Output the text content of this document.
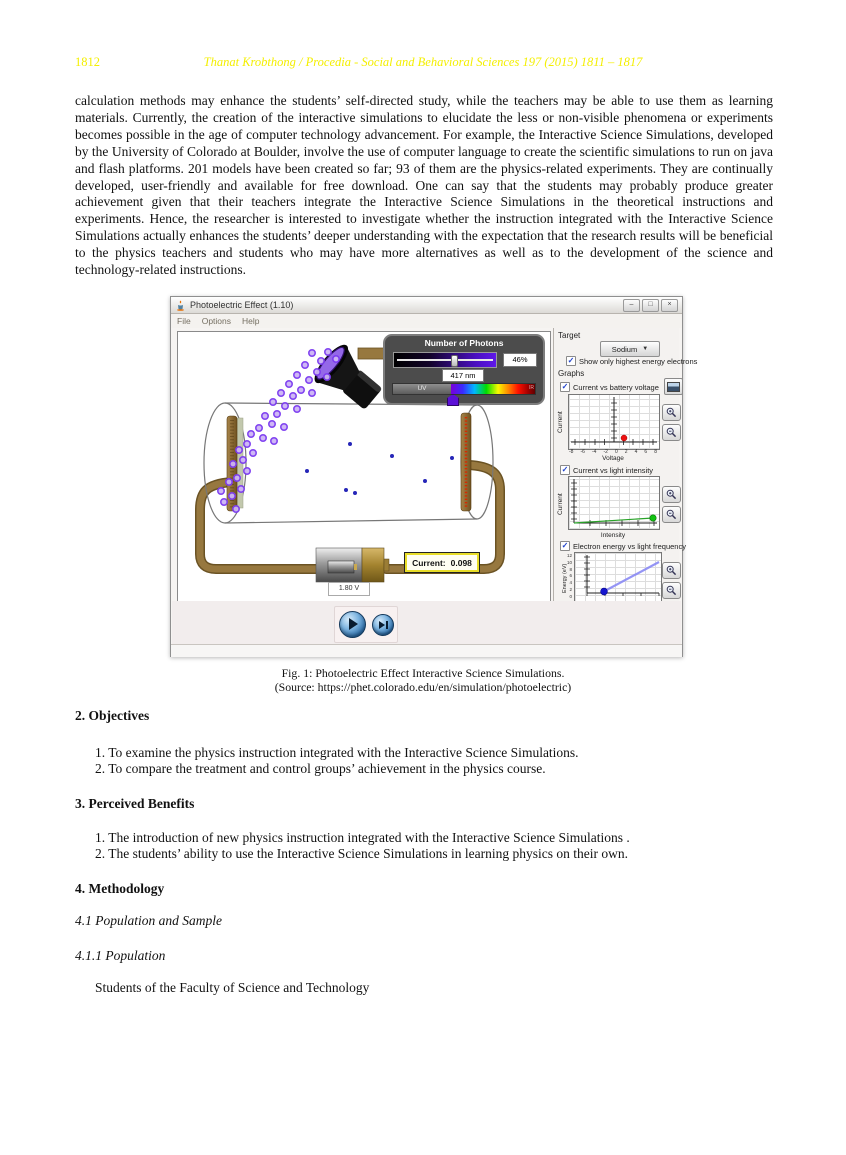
1812	Thanat Krobthong / Procedia - Social and Behavioral Sciences 197 (2015) 1811 – 1817
calculation methods may enhance the students’ self-directed study, while the teachers may be able to use them as learning materials. Currently, the creation of the interactive simulations to elucidate the less or non-visible phenomena or experiments becomes possible in the age of computer technology advancement. For example, the Interactive Science Simulations, developed by the University of Colorado at Boulder, involve the use of computer language to create the scientific simulations to run on java and flash platforms. 201 models have been created so far; 93 of them are the physics-related experiments. They are continually developed, user-friendly and available for free download. One can say that the students may probably produce greater achievement given that their teachers integrate the Interactive Science Simulations in the theoretical instructions and experiments. Hence, the researcher is interested to investigate whether the instruction integrated with the Interactive Science Simulations actually enhances the students’ deeper understanding with the expectation that the research results will be beneficial to the physics teachers and students who may have more alternatives as well as to the development of the science and technology-related instructions.
Photoelectric Effect (1.10)	–	□	×
File Options Help
Current: 0.098
1.80 V
Number of Photons
46%
417 nm
UV	IR
Target
Sodium ▼
✓ Show only highest energy electrons
Graphs
✓ Current vs battery voltage
Current
-8 -6 -4 -2 0 2 4 6 8
Voltage
✓ Current vs light intensity
Current
Intensity
✓ Electron energy vs light frequency
12
10
8
6
4
2
0
Energy (eV)
Fig. 1: Photoelectric Effect Interactive Science Simulations.
(Source: https://phet.colorado.edu/en/simulation/photoelectric)
2. Objectives
1. To examine the physics instruction integrated with the Interactive Science Simulations.
2. To compare the treatment and control groups’ achievement in the physics course.
3. Perceived Benefits
1. The introduction of new physics instruction integrated with the Interactive Science Simulations .
2. The students’ ability to use the Interactive Science Simulations in learning physics on their own.
4. Methodology
4.1 Population and Sample
4.1.1 Population
Students of the Faculty of Science and Technology
